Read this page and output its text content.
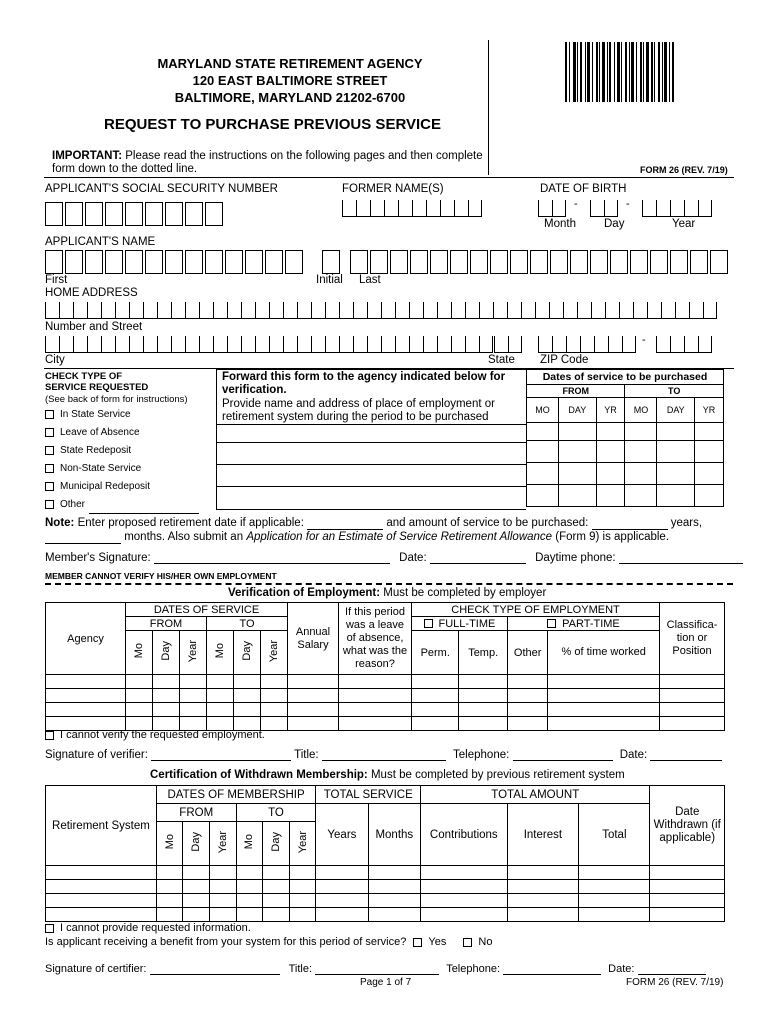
MARYLAND STATE RETIREMENT AGENCY
120 EAST BALTIMORE STREET
BALTIMORE, MARYLAND 21202-6700
REQUEST TO PURCHASE PREVIOUS SERVICE
IMPORTANT: Please read the instructions on the following pages and then complete
form down to the dotted line.	FORM 26 (REV. 7/19)
APPLICANT'S SOCIAL SECURITY NUMBER	FORMER NAME(S)	DATE OF BIRTH
-	-
Month Day	Year
APPLICANT'S NAME
First	Initial Last
HOME ADDRESS
Number and Street
-
City	State ZIP Code
CHECK TYPE OF
SERVICE REQUESTED
(See back of form for instructions)
In State Service
Leave of Absence
State Redeposit
Non-State Service
Municipal Redeposit
Other
Forward this form to the agency indicated below for verification.
Provide name and address of place of employment or retirement system during the period to be purchased
Dates of service to be purchased					
FROM			TO		
MO	DAY	YR	MO	DAY	YR

Note: Enter proposed retirement date if applicable:	and amount of service to be purchased:	years,
months. Also submit an Application for an Estimate of Service Retirement Allowance (Form 9) is applicable.
Member's Signature:	Date:	Daytime phone:
MEMBER CANNOT VERIFY HIS/HER OWN EMPLOYMENT
Verification of Employment: Must be completed by employer
Agency	DATES OF SERVICE						Annual Salary	If this period was a leave of absence, what was the reason?	CHECK TYPE OF EMPLOYMENT				Classifica- tion or Position
	FROM			TO					FULL-TIME		PART-TIME		
	Mo	Day	Year	Mo	Day	Year			Perm.	Temp.	Other	% of time worked	

I cannot verify the requested employment.
Signature of verifier:	Title:	Telephone:	Date:
Certification of Withdrawn Membership: Must be completed by previous retirement system
Retirement System	DATES OF MEMBERSHIP						TOTAL SERVICE		TOTAL AMOUNT			Date Withdrawn (if applicable)
	FROM			TO			Years	Months	Contributions	Interest	Total	
	Mo	Day	Year	Mo	Day	Year						

I cannot provide requested information.
Is applicant receiving a benefit from your system for this period of service? Yes	No
Signature of certifier:	Title:	Telephone:	Date:
Page 1 of 7	FORM 26 (REV. 7/19)
